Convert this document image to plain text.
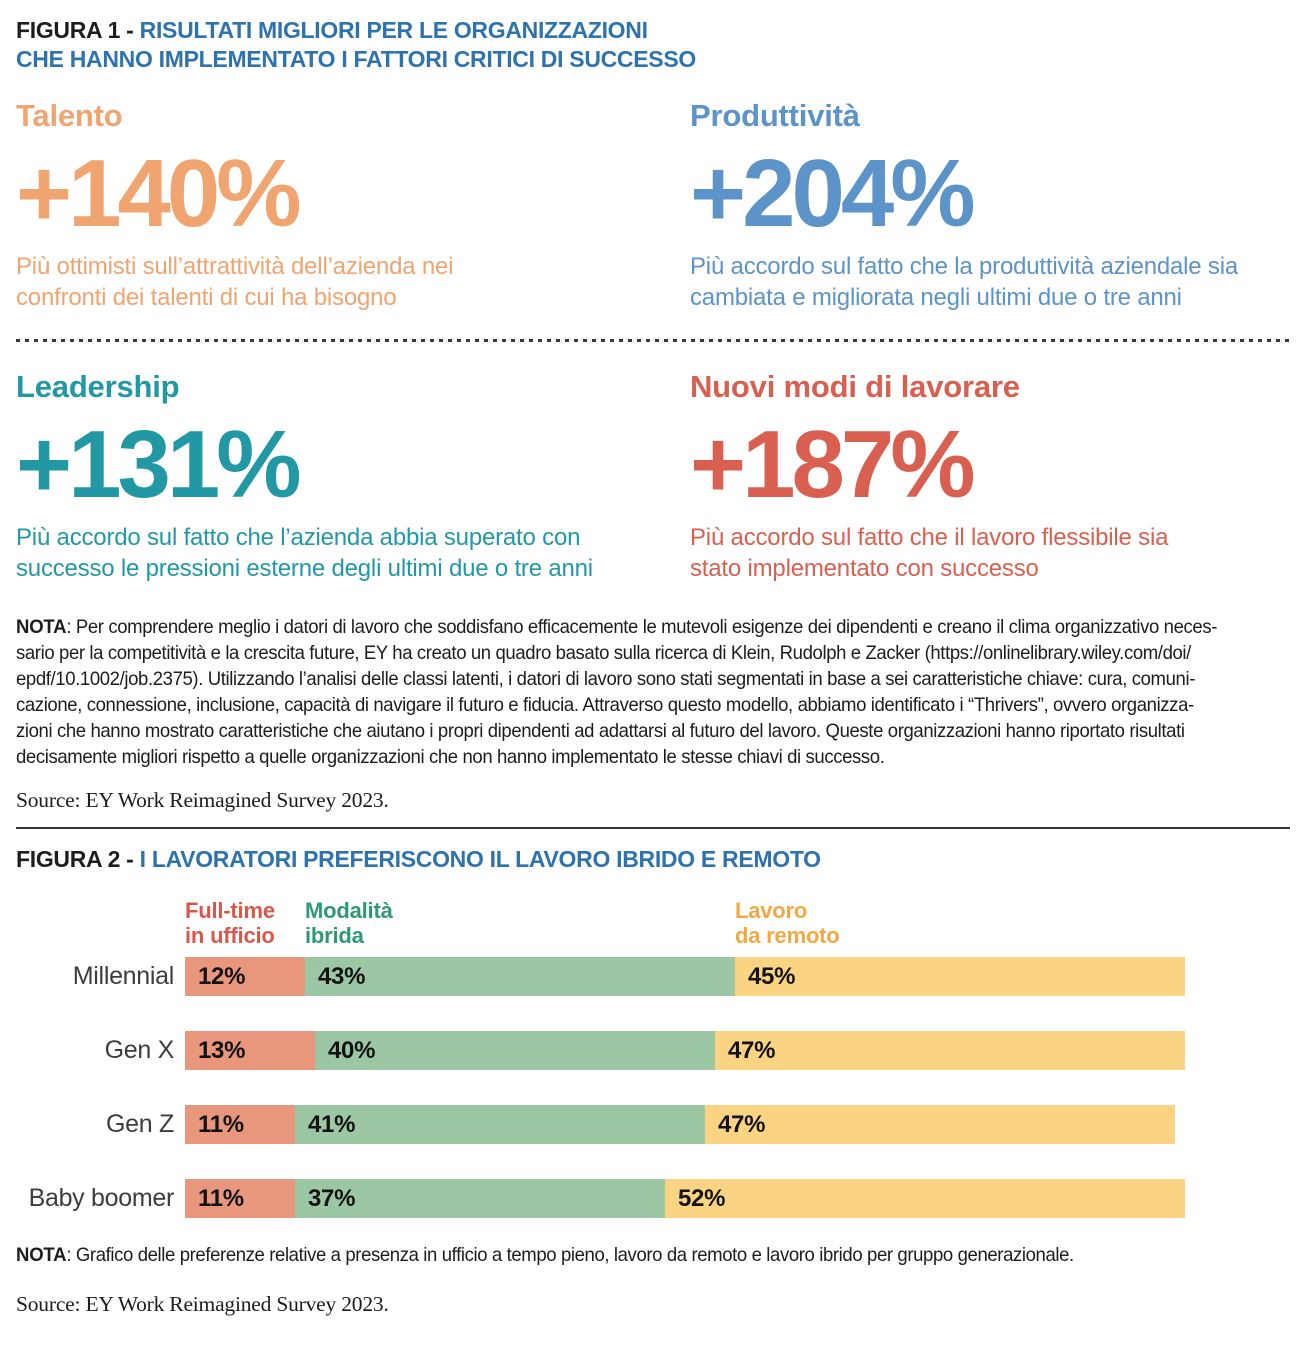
FIGURA 1 - RISULTATI MIGLIORI PER LE ORGANIZZAZIONI
CHE HANNO IMPLEMENTATO I FATTORI CRITICI DI SUCCESSO
Talento
+140%

Più ottimisti sull’attrattività dell’azienda nei confronti dei talenti di cui ha bisogno

Produttività
+204%

Più accordo sul fatto che la produttività aziendale sia cambiata e migliorata negli ultimi due o tre anni

Leadership
+131%

Più accordo sul fatto che l’azienda abbia superato con successo le pressioni esterne degli ultimi due o tre anni

Nuovi modi di lavorare
+187%

Più accordo sul fatto che il lavoro flessibile sia stato implementato con successo

NOTA: Per comprendere meglio i datori di lavoro che soddisfano efficacemente le mutevoli esigenze dei dipendenti e creano il clima organizzativo neces-
sario per la competitività e la crescita future, EY ha creato un quadro basato sulla ricerca di Klein, Rudolph e Zacker (https://onlinelibrary.wiley.com/doi/
epdf/10.1002/job.2375). Utilizzando l’analisi delle classi latenti, i datori di lavoro sono stati segmentati in base a sei caratteristiche chiave: cura, comuni-
cazione, connessione, inclusione, capacità di navigare il futuro e fiducia. Attraverso questo modello, abbiamo identificato i “Thrivers”, ovvero organizza-
zioni che hanno mostrato caratteristiche che aiutano i propri dipendenti ad adattarsi al futuro del lavoro. Queste organizzazioni hanno riportato risultati
decisamente migliori rispetto a quelle organizzazioni che non hanno implementato le stesse chiavi di successo.

Source: EY Work Reimagined Survey 2023.

FIGURA 2 - I LAVORATORI PREFERISCONO IL LAVORO IBRIDO E REMOTO
Full-time
in ufficio
Modalità
ibrida
Lavoro
da remoto
Millennial	12%	43%	45%
Gen X	13%	40%	47%
Gen Z	11%	41%	47%
Baby boomer	11%	37%	52%

NOTA: Grafico delle preferenze relative a presenza in ufficio a tempo pieno, lavoro da remoto e lavoro ibrido per gruppo generazionale.

Source: EY Work Reimagined Survey 2023.
